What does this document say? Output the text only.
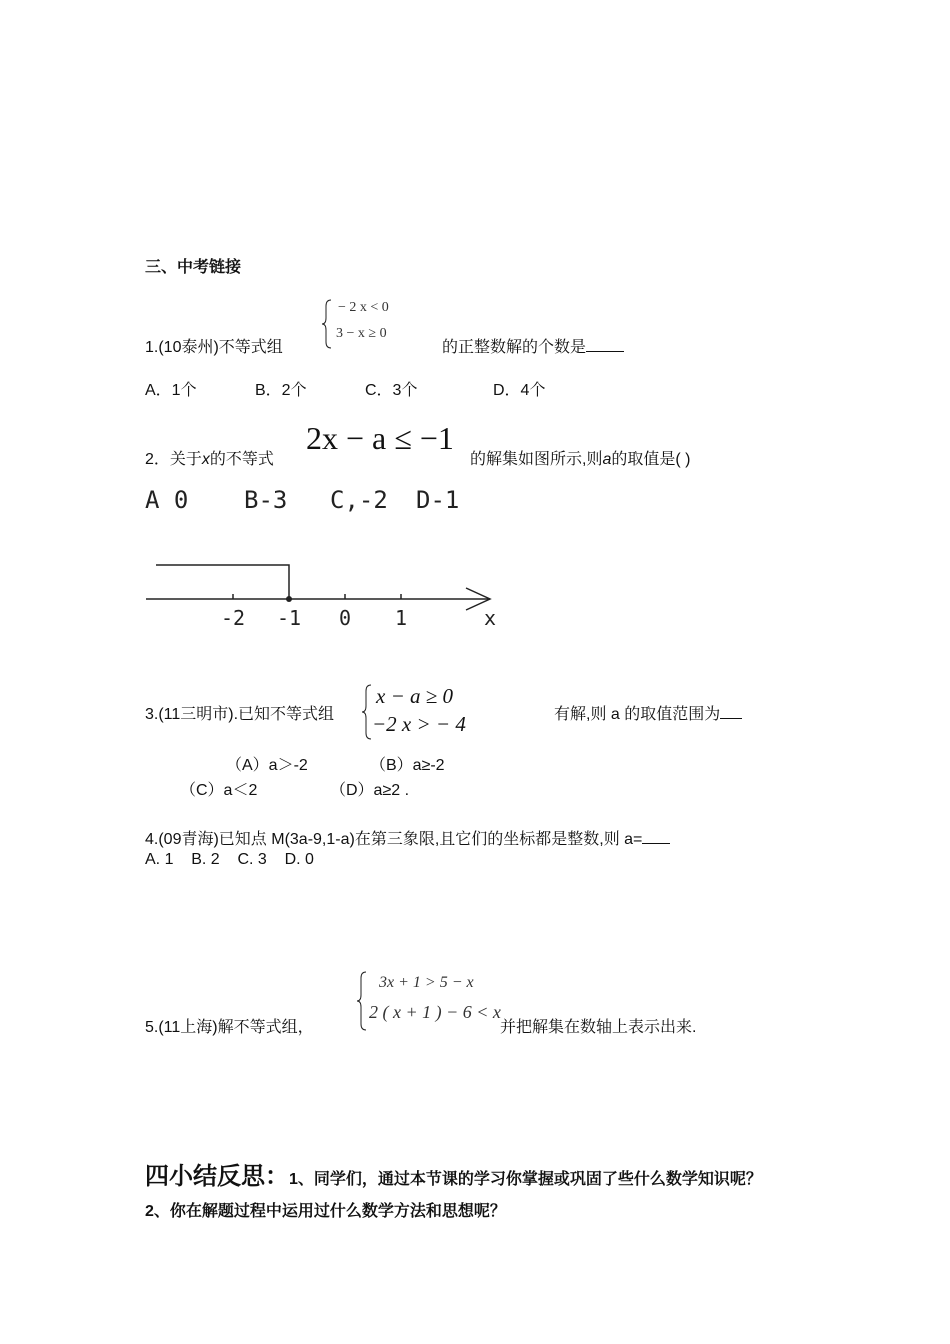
三、中考链接
1.(10泰州)不等式组
− 2 x < 0
3 − x ≥ 0
的正整数解的个数是
A．1个	B．2个	C．3个	D．4个
2．关于x的不等式
2x − a ≤ −1
的解集如图所示,则a的取值是( )
A 0 B-3 C,-2 D-1
-2 -1 0 1	x
3.(11三明市).已知不等式组
x − a ≥ 0
−2 x > − 4	有解,则 a 的取值范围为
（A）a＞-2	（B）a≥-2
（C）a＜2	（D）a≥2 .
4.(09青海)已知点 M(3a-9,1-a)在第三象限,且它们的坐标都是整数,则 a=
A. 1    B. 2    C. 3    D. 0
5.(11上海)解不等式组，
3x + 1 > 5 − x
2 ( x + 1 ) − 6 < x
并把解集在数轴上表示出来.
四小结反思：1、同学们，通过本节课的学习你掌握或巩固了些什么数学知识呢？
2、你在解题过程中运用过什么数学方法和思想呢？
